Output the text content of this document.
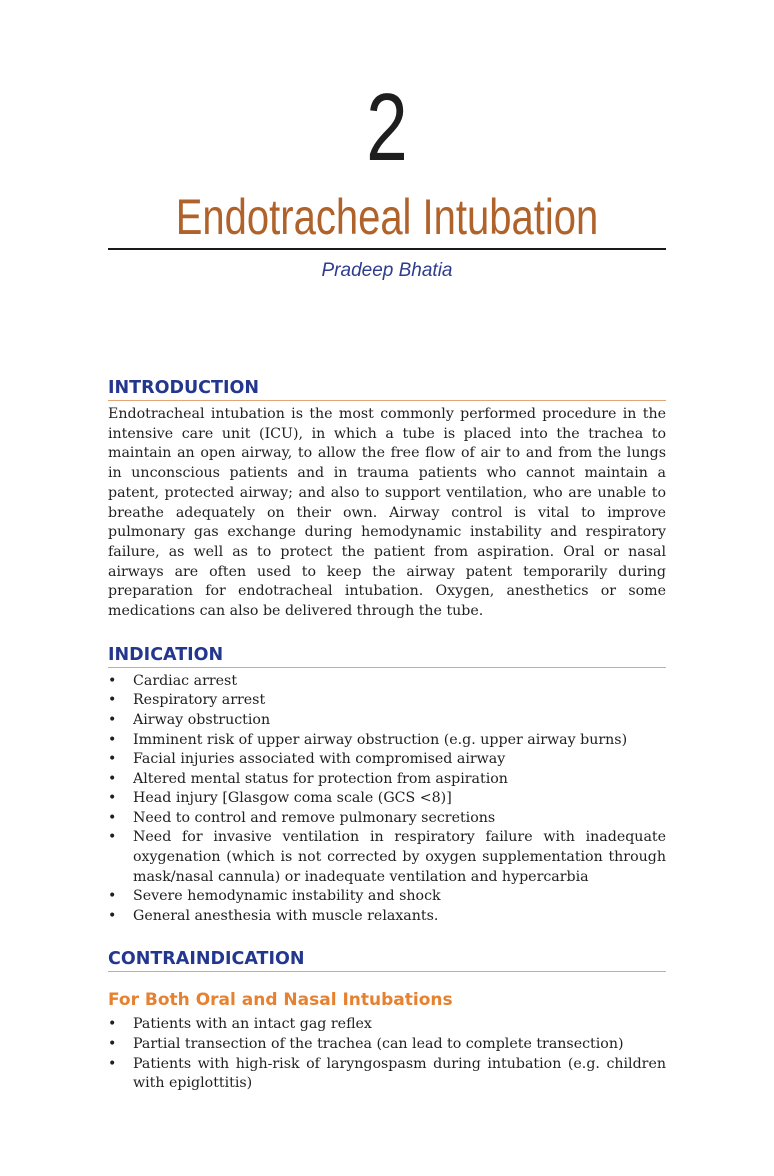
2
Endotracheal Intubation
Pradeep Bhatia
INTRODUCTION

Endotracheal intubation is the most commonly performed procedure in the intensive care unit (ICU), in which a tube is placed into the trachea to maintain an open airway, to allow the free flow of air to and from the lungs in unconscious patients and in trauma patients who cannot maintain a patent, protected airway; and also to support ventilation, who are unable to breathe adequately on their own. Airway control is vital to improve pulmonary gas exchange during hemodynamic instability and respiratory failure, as well as to protect the patient from aspiration. Oral or nasal airways are often used to keep the airway patent temporarily during preparation for endotracheal intubation. Oxygen, anesthetics or some medications can also be delivered through the tube.

INDICATION
• Cardiac arrest
• Respiratory arrest
• Airway obstruction
• Imminent risk of upper airway obstruction (e.g. upper airway burns)
• Facial injuries associated with compromised airway
• Altered mental status for protection from aspiration
• Head injury [Glasgow coma scale (GCS <8)]
• Need to control and remove pulmonary secretions
• Need for invasive ventilation in respiratory failure with inadequate oxygenation (which is not corrected by oxygen supplementation through mask/nasal cannula) or inadequate ventilation and hypercarbia
• Severe hemodynamic instability and shock
• General anesthesia with muscle relaxants.
CONTRAINDICATION
For Both Oral and Nasal Intubations
• Patients with an intact gag reflex
• Partial transection of the trachea (can lead to complete transection)
• Patients with high-risk of laryngospasm during intubation (e.g. children with epiglottitis)
